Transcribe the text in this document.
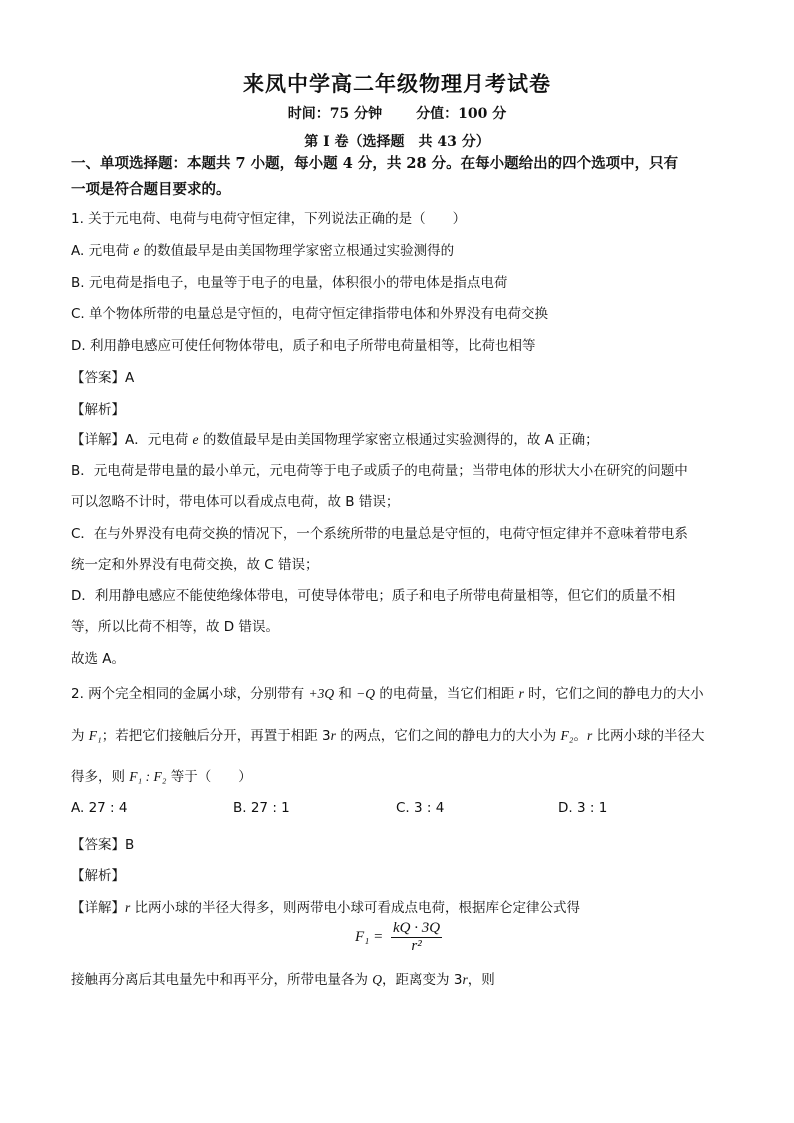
来凤中学高二年级物理月考试卷
时间：75 分钟 分值：100 分
第 I 卷（选择题　共 43 分）
一、单项选择题：本题共 7 小题，每小题 4 分，共 28 分。在每小题给出的四个选项中，只有
一项是符合题目要求的。
1. 关于元电荷、电荷与电荷守恒定律，下列说法正确的是（　　）
A. 元电荷 e 的数值最早是由美国物理学家密立根通过实验测得的
B. 元电荷是指电子，电量等于电子的电量，体积很小的带电体是指点电荷
C. 单个物体所带的电量总是守恒的，电荷守恒定律指带电体和外界没有电荷交换
D. 利用静电感应可使任何物体带电，质子和电子所带电荷量相等，比荷也相等
【答案】A
【解析】
【详解】A．元电荷 e 的数值最早是由美国物理学家密立根通过实验测得的，故 A 正确；
B．元电荷是带电量的最小单元，元电荷等于电子或质子的电荷量；当带电体的形状大小在研究的问题中
可以忽略不计时，带电体可以看成点电荷，故 B 错误；
C．在与外界没有电荷交换的情况下，一个系统所带的电量总是守恒的，电荷守恒定律并不意味着带电系
统一定和外界没有电荷交换，故 C 错误；
D．利用静电感应不能使绝缘体带电，可使导体带电；质子和电子所带电荷量相等，但它们的质量不相
等，所以比荷不相等，故 D 错误。
故选 A。
2. 两个完全相同的金属小球，分别带有 +3Q 和 −Q 的电荷量，当它们相距 r 时，它们之间的静电力的大小
为 F₁；若把它们接触后分开，再置于相距 3r 的两点，它们之间的静电力的大小为 F₂。r 比两小球的半径大
得多，则 F₁ : F₂ 等于（　　）
A. 27 : 4	B. 27 : 1	C. 3 : 4	D. 3 : 1
【答案】B
【解析】
【详解】r 比两小球的半径大得多，则两带电小球可看成点电荷，根据库仑定律公式得
$F_1 = \frac{kQ \cdot 3Q}{\text{r²}}$
接触再分离后其电量先中和再平分，所带电量各为 Q，距离变为 3r，则
